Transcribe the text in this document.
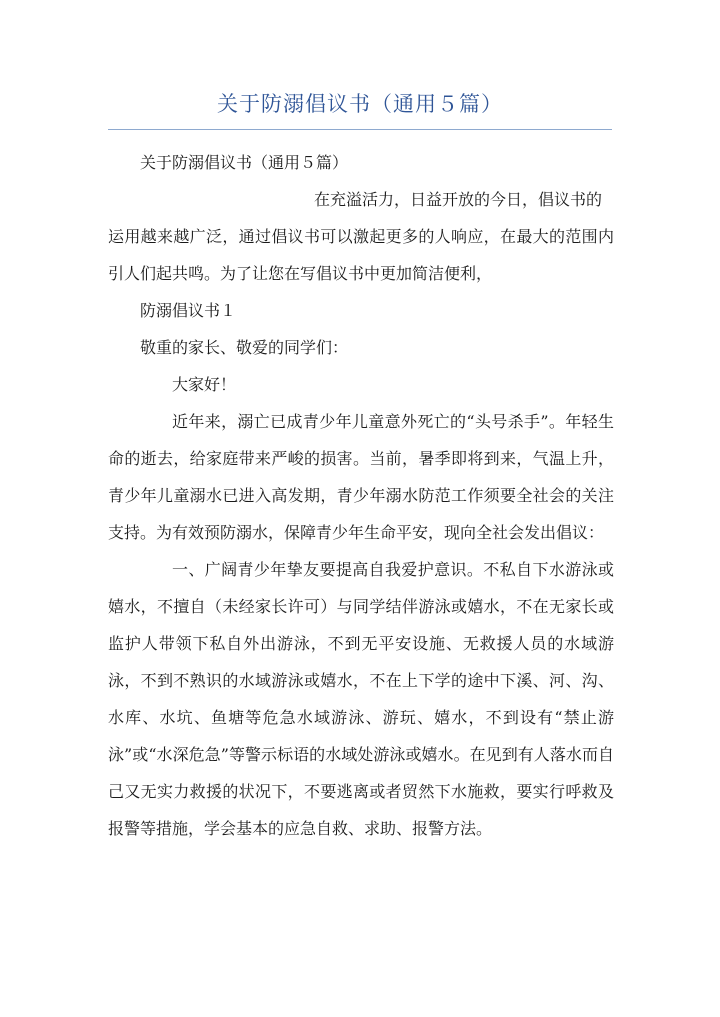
关于防溺倡议书（通用５篇）

关于防溺倡议书（通用５篇）

在充溢活力，日益开放的今日，倡议书的

运用越来越广泛，通过倡议书可以激起更多的人响应，在最大的范围内引人们起共鸣。为了让您在写倡议书中更加简洁便利，

防溺倡议书１

敬重的家长、敬爱的同学们：

大家好！

近年来，溺亡已成青少年儿童意外死亡的“头号杀手”。年轻生命的逝去，给家庭带来严峻的损害。当前，暑季即将到来，气温上升，青少年儿童溺水已进入高发期，青少年溺水防范工作须要全社会的关注支持。为有效预防溺水，保障青少年生命平安，现向全社会发出倡议：

一、广阔青少年挚友要提高自我爱护意识。不私自下水游泳或嬉水，不擅自（未经家长许可）与同学结伴游泳或嬉水，不在无家长或监护人带领下私自外出游泳，不到无平安设施、无救援人员的水域游泳，不到不熟识的水域游泳或嬉水，不在上下学的途中下溪、河、沟、水库、水坑、鱼塘等危急水域游泳、游玩、嬉水，不到设有“禁止游泳”或“水深危急”等警示标语的水域处游泳或嬉水。在见到有人落水而自己又无实力救援的状况下，不要逃离或者贸然下水施救，要实行呼救及报警等措施，学会基本的应急自救、求助、报警方法。
